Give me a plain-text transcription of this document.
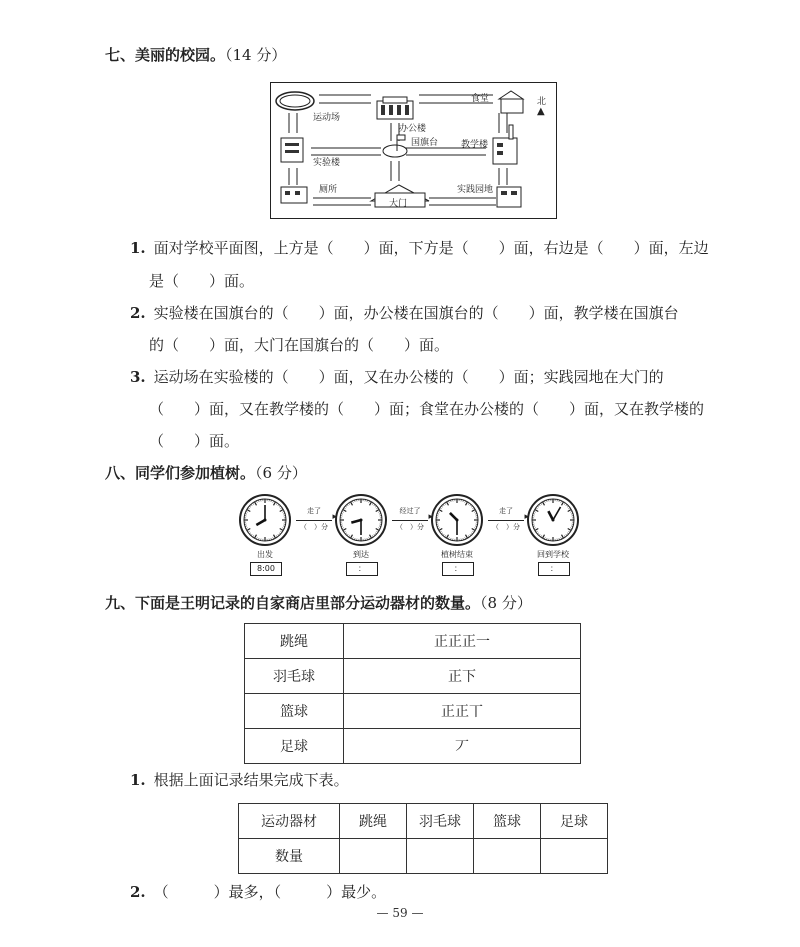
七、美丽的校园。（14 分）
运动场
办公楼
食堂
国旗台
实验楼
教学楼
厕所	实践园地
大门
北
▲
1. 面对学校平面图，上方是（　　）面，下方是（　　）面，右边是（　　）面，左边
是（　　）面。
2. 实验楼在国旗台的（　　）面，办公楼在国旗台的（　　）面，教学楼在国旗台
的（　　）面，大门在国旗台的（　　）面。
3. 运动场在实验楼的（　　）面，又在办公楼的（　　）面；实践园地在大门的
（　　）面，又在教学楼的（　　）面；食堂在办公楼的（　　）面，又在教学楼的
（　　）面。
八、同学们参加植树。（6 分）
出发
8:00
到达
：
植树结束
：
回到学校
：
走了
▸
（　）分
经过了
▸
（　）分
走了
▸
（　）分
九、下面是王明记录的自家商店里部分运动器材的数量。（8 分）
跳绳	正正正一
羽毛球	正下
篮球	正正丅
足球	丆
1. 根据上面记录结果完成下表。
运动器材	跳绳	羽毛球	篮球	足球
数量				
2. （　　　）最多，（　　　）最少。
— 59 —
